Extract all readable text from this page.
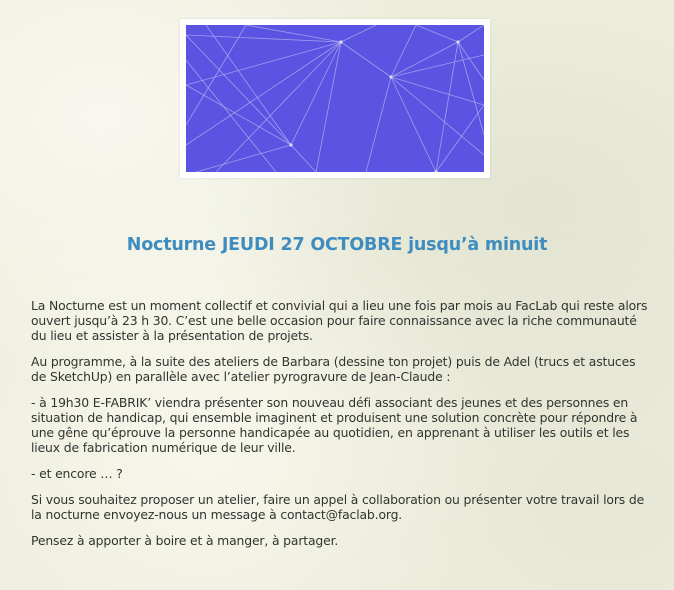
Nocturne JEUDI 27 OCTOBRE jusqu’à minuit

La Nocturne est un moment collectif et convivial qui a lieu une fois par mois au FacLab qui reste alors ouvert jusqu’à 23 h 30. C’est une belle occasion pour faire connaissance avec la riche communauté du lieu et assister à la présentation de projets.

Au programme, à la suite des ateliers de Barbara (dessine ton projet) puis de Adel (trucs et astuces de SketchUp) en parallèle avec l’atelier pyrogravure de Jean-Claude :

- à 19h30 E-FABRIK’ viendra présenter son nouveau défi associant des jeunes et des personnes en situation de handicap, qui ensemble imaginent et produisent une solution concrète pour répondre à une gêne qu’éprouve la personne handicapée au quotidien, en apprenant à utiliser les outils et les lieux de fabrication numérique de leur ville.

- et encore … ?

Si vous souhaitez proposer un atelier, faire un appel à collaboration ou présenter votre travail lors de la nocturne envoyez-nous un message à contact@faclab.org.

Pensez à apporter à boire et à manger, à partager.
